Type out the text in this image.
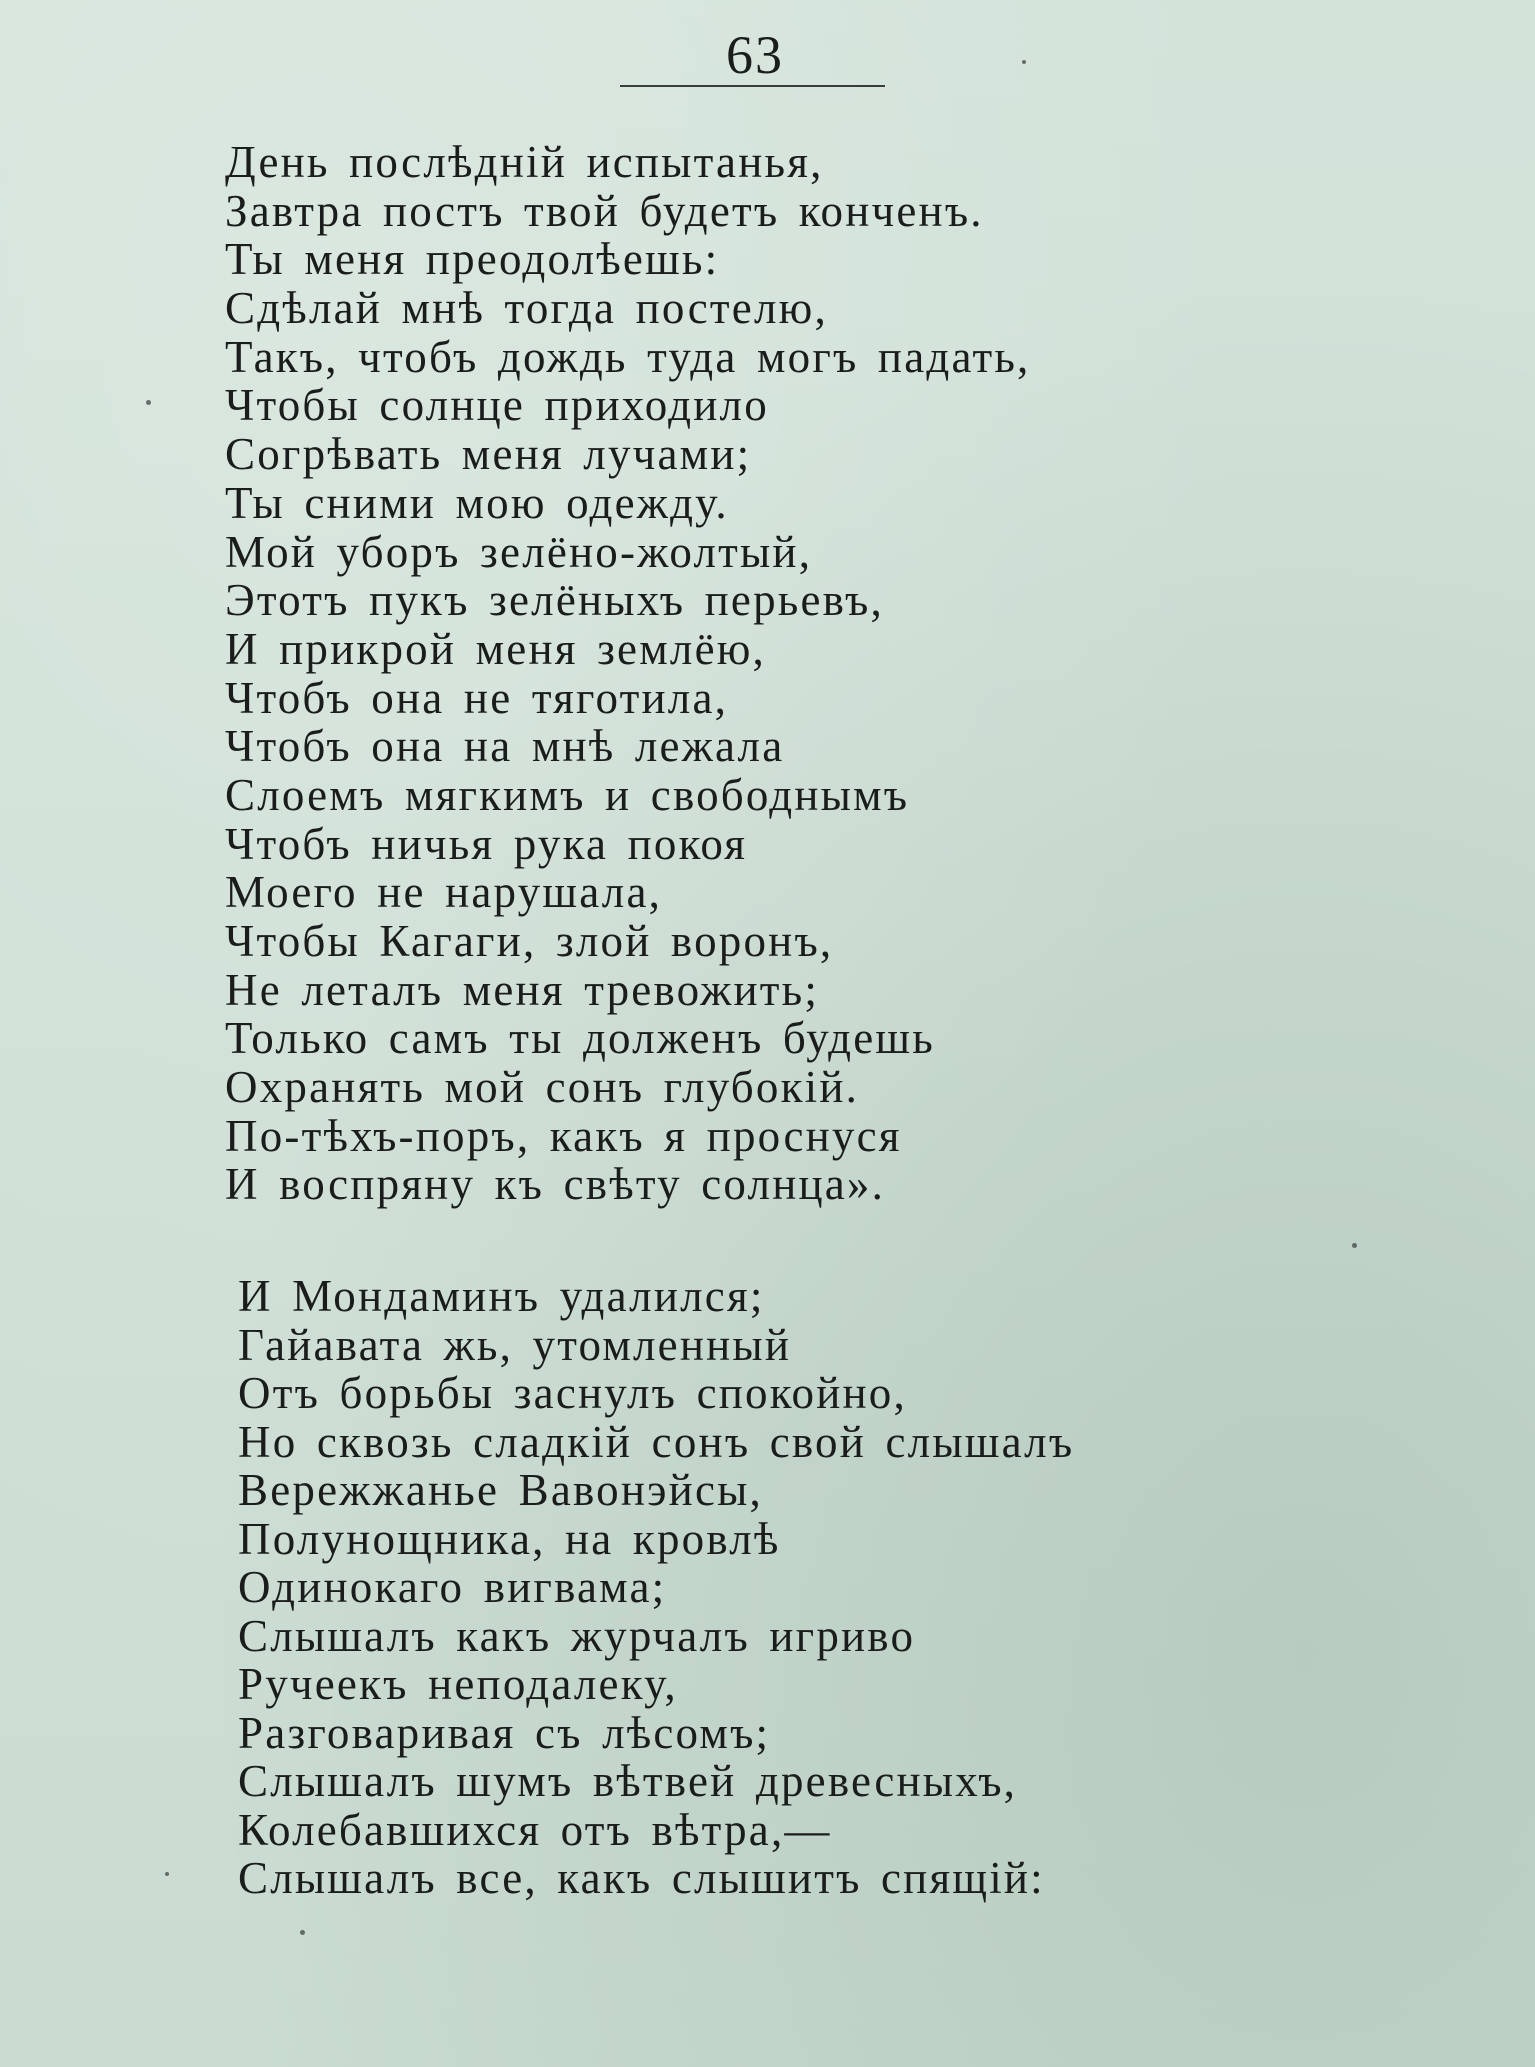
63
День послѣдній испытанья,
Завтра постъ твой будетъ конченъ.
Ты меня преодолѣешь:
Сдѣлай мнѣ тогда постелю,
Такъ, чтобъ дождь туда могъ падать,
Чтобы солнце приходило
Согрѣвать меня лучами;
Ты сними мою одежду.
Мой уборъ зелёно-жолтый,
Этотъ пукъ зелёныхъ перьевъ,
И прикрой меня землёю,
Чтобъ она не тяготила,
Чтобъ она на мнѣ лежала
Слоемъ мягкимъ и свободнымъ
Чтобъ ничья рука покоя
Моего не нарушала,
Чтобы Кагаги, злой воронъ,
Не леталъ меня тревожить;
Только самъ ты долженъ будешь
Охранять мой сонъ глубокій.
По-тѣхъ-поръ, какъ я проснуся
И воспряну къ свѣту солнца».
И Мондаминъ удалился;
Гайавата жь, утомленный
Отъ борьбы заснулъ спокойно,
Но сквозь сладкій сонъ свой слышалъ
Вережжанье Вавонэйсы,
Полунощника, на кровлѣ
Одинокаго вигвама;
Слышалъ какъ журчалъ игриво
Ручеекъ неподалеку,
Разговаривая съ лѣсомъ;
Слышалъ шумъ вѣтвей древесныхъ,
Колебавшихся отъ вѣтра,—
Слышалъ все, какъ слышитъ спящій:
